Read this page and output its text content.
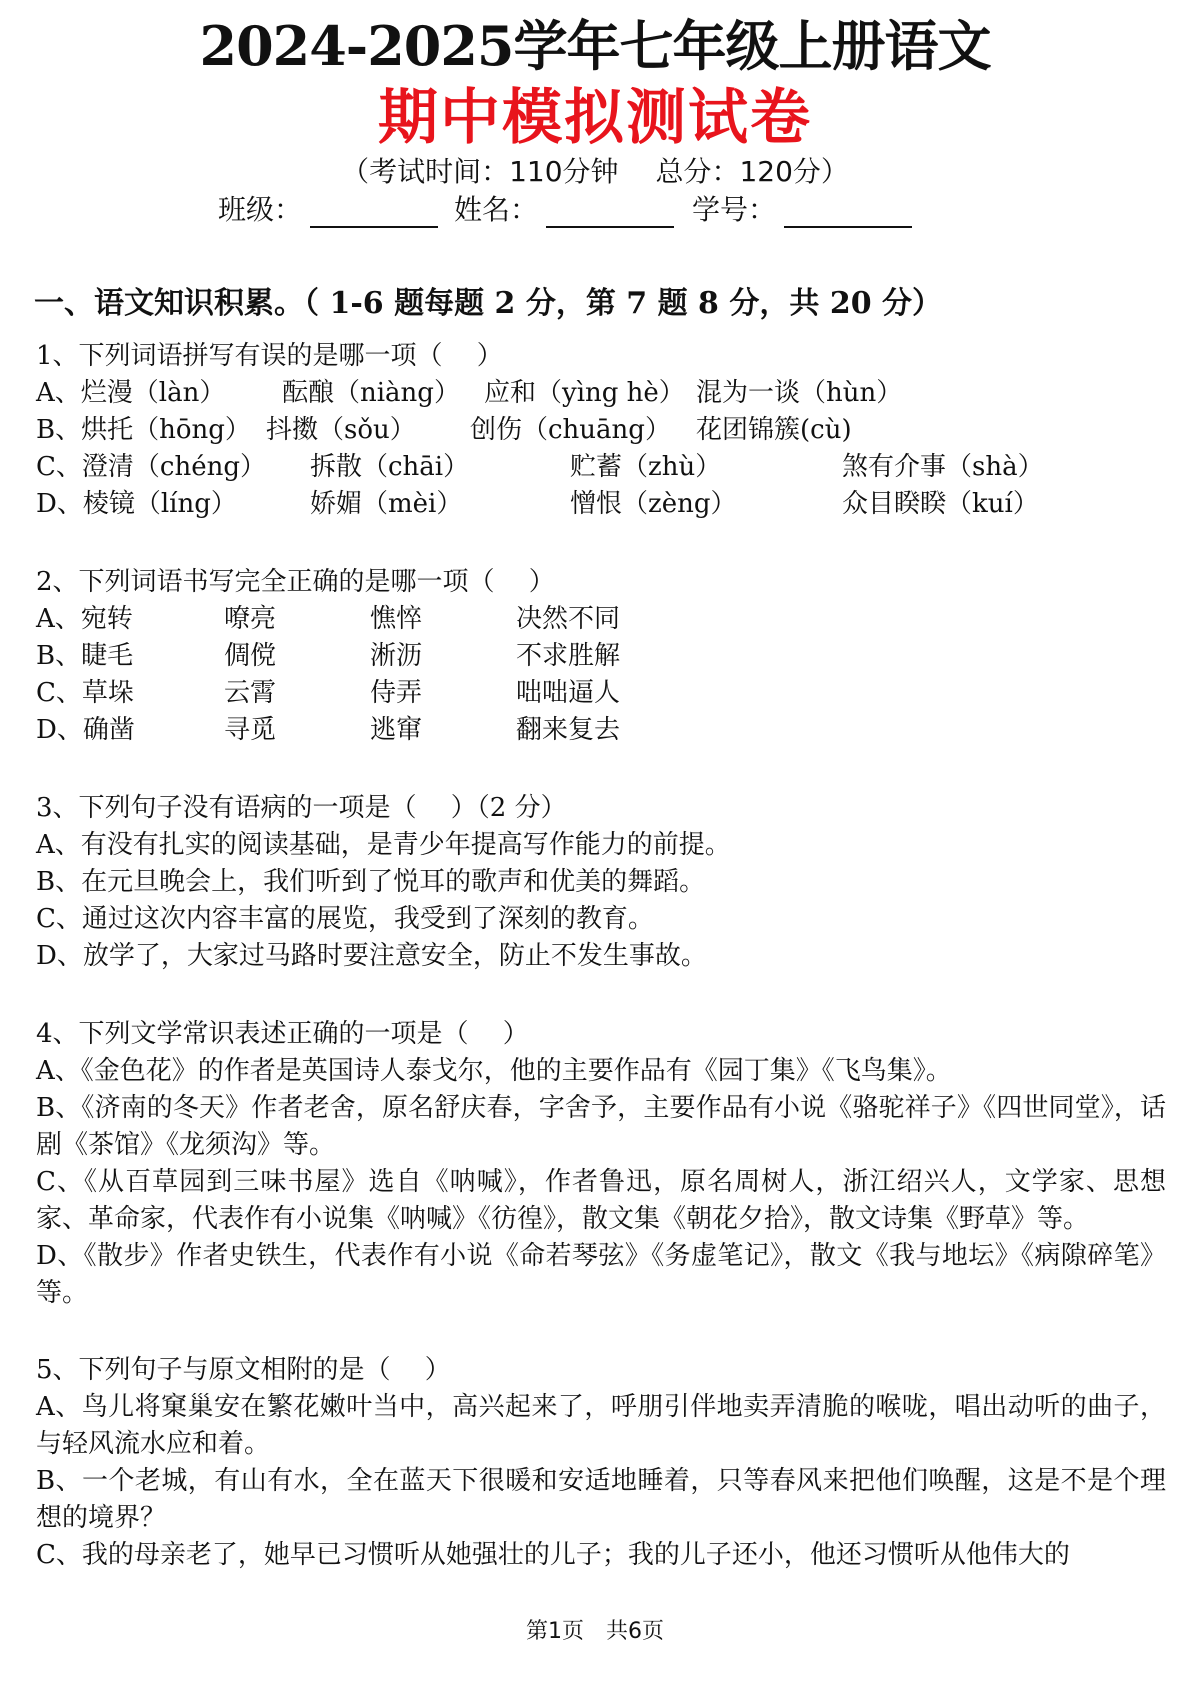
2024-2025学年七年级上册语文
期中模拟测试卷
（考试时间：110分钟 总分：120分）
班级：	姓名：	学号：
一、语文知识积累。（ 1-6 题每题 2 分，第 7 题 8 分，共 20 分）
1、下列词语拼写有误的是哪一项（　 ）
A、烂漫（làn） 酝酿（niàng） 应和（yìng hè） 混为一谈（hùn）
B、烘托（hōng） 抖擞（sǒu） 创伤（chuāng） 花团锦簇(cù)
C、澄清（chéng） 拆散（chāi）	贮蓄（zhù）	煞有介事（shà）
D、棱镜（líng）	娇媚（mèi）	憎恨（zèng）	众目睽睽（kuí）
2、下列词语书写完全正确的是哪一项（　 ）
A、宛转	嘹亮	憔悴	决然不同
B、睫毛	倜傥	淅沥	不求胜解
C、草垛	云霄	侍弄	咄咄逼人
D、确凿	寻觅	逃窜	翻来复去
3、下列句子没有语病的一项是（　 ）（2 分）
A、有没有扎实的阅读基础，是青少年提高写作能力的前提。
B、在元旦晚会上，我们听到了悦耳的歌声和优美的舞蹈。
C、通过这次内容丰富的展览，我受到了深刻的教育。
D、放学了，大家过马路时要注意安全，防止不发生事故。
4、下列文学常识表述正确的一项是（　 ）

A、《金色花》的作者是英国诗人泰戈尔，他的主要作品有《园丁集》《飞鸟集》。

B、《济南的冬天》作者老舍，原名舒庆春，字舍予，主要作品有小说《骆驼祥子》《四世同堂》，话剧《茶馆》《龙须沟》等。

C、《从百草园到三味书屋》选自《呐喊》，作者鲁迅，原名周树人，浙江绍兴人，文学家、思想家、革命家，代表作有小说集《呐喊》《彷徨》，散文集《朝花夕拾》，散文诗集《野草》等。

D、《散步》作者史铁生，代表作有小说《命若琴弦》《务虚笔记》，散文《我与地坛》《病隙碎笔》等。

5、下列句子与原文相附的是（　 ）

A、鸟儿将窠巢安在繁花嫩叶当中，高兴起来了，呼朋引伴地卖弄清脆的喉咙，唱出动听的曲子，与轻风流水应和着。

B、一个老城，有山有水，全在蓝天下很暖和安适地睡着，只等春风来把他们唤醒，这是不是个理想的境界？

C、我的母亲老了，她早已习惯听从她强壮的儿子；我的儿子还小，他还习惯听从他伟大的

第1页　共6页
